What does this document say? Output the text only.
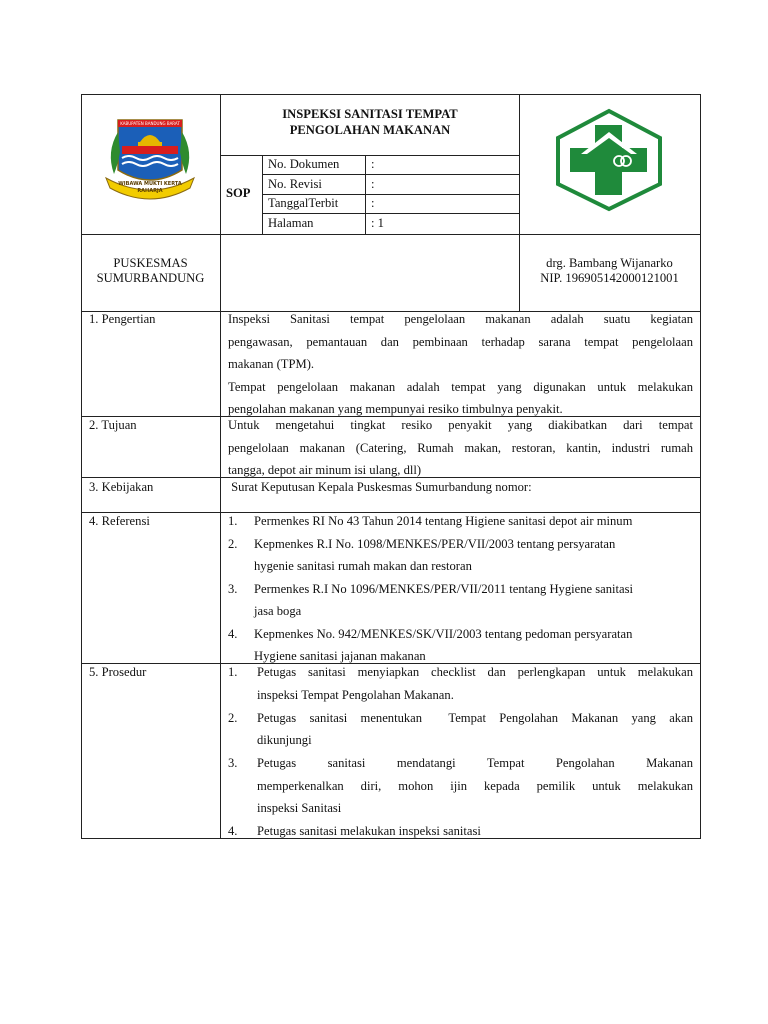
KABUPATEN BANDUNG BARAT
WIBAWA MUKTI KERTA RAHARJA
INSPEKSI SANITASI TEMPAT
PENGOLAHAN MAKANAN
SOP
No. Dokumen	:
No. Revisi	:
TanggalTerbit	:
Halaman	: 1
PUSKESMAS
SUMURBANDUNG
drg. Bambang Wijanarko
NIP. 196905142000121001
1. Pengertian	Inspeksi Sanitasi tempat pengelolaan makanan adalah suatu kegiatan
pengawasan, pemantauan dan pembinaan terhadap sarana tempat pengelolaan
makanan (TPM).
Tempat pengelolaan makanan adalah tempat yang digunakan untuk melakukan
pengolahan makanan yang mempunyai resiko timbulnya penyakit.
2. Tujuan	Untuk mengetahui tingkat resiko penyakit yang diakibatkan dari tempat
pengelolaan makanan (Catering, Rumah makan, restoran, kantin, industri rumah
tangga, depot air minum isi ulang, dll)
3. Kebijakan	Surat Keputusan Kepala Puskesmas Sumurbandung nomor:
4. Referensi	1. Permenkes RI No 43 Tahun 2014 tentang Higiene sanitasi depot air minum
2. Kepmenkes R.I No. 1098/MENKES/PER/VII/2003 tentang persyaratan
hygenie sanitasi rumah makan dan restoran
3. Permenkes R.I No 1096/MENKES/PER/VII/2011 tentang Hygiene sanitasi
jasa boga
4. Kepmenkes No. 942/MENKES/SK/VII/2003 tentang pedoman persyaratan
Hygiene sanitasi jajanan makanan
5. Prosedur	1. Petugas sanitasi menyiapkan checklist dan perlengkapan untuk melakukan
inspeksi Tempat Pengolahan Makanan.
2. Petugas sanitasi menentukan  Tempat Pengolahan Makanan yang akan
dikunjungi
3. Petugas sanitasi mendatangi Tempat Pengolahan Makanan
memperkenalkan diri, mohon ijin kepada pemilik untuk melakukan
inspeksi Sanitasi
4. Petugas sanitasi melakukan inspeksi sanitasi
